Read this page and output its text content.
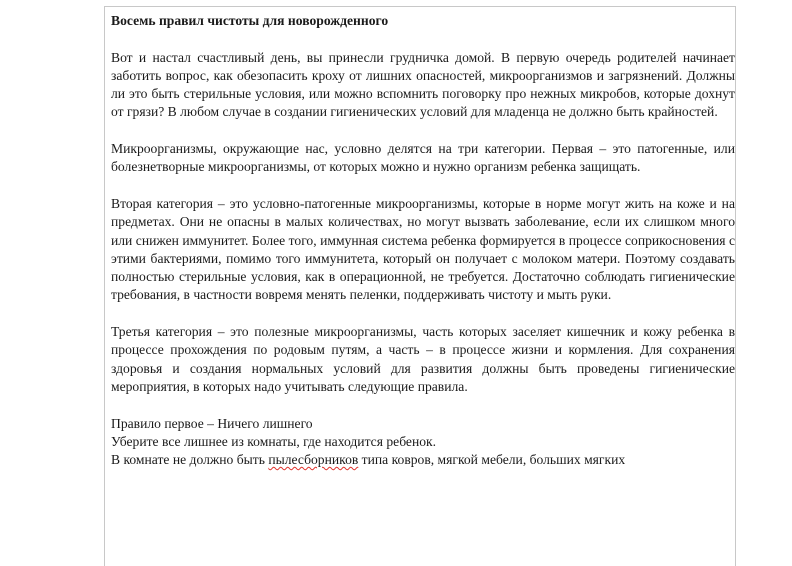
Восемь правил чистоты для новорожденного

Вот и настал счастливый день, вы принесли грудничка домой. В первую очередь родителей начинает заботить вопрос, как обезопасить кроху от лишних опасностей, микроорганизмов и загрязнений. Должны ли это быть стерильные условия, или можно вспомнить поговорку про нежных микробов, которые дохнут от грязи? В любом случае в создании гигиенических условий для младенца не должно быть крайностей.

Микроорганизмы, окружающие нас, условно делятся на три категории. Первая – это патогенные, или болезнетворные микроорганизмы, от которых можно и нужно организм ребенка защищать.

Вторая категория – это условно-патогенные микроорганизмы, которые в норме могут жить на коже и на предметах. Они не опасны в малых количествах, но могут вызвать заболевание, если их слишком много или снижен иммунитет. Более того, иммунная система ребенка формируется в процессе соприкосновения с этими бактериями, помимо того иммунитета, который он получает с молоком матери. Поэтому создавать полностью стерильные условия, как в операционной, не требуется. Достаточно соблюдать гигиенические требования, в частности вовремя менять пеленки, поддерживать чистоту и мыть руки.

Третья категория – это полезные микроорганизмы, часть которых заселяет кишечник и кожу ребенка в процессе прохождения по родовым путям, а часть – в процессе жизни и кормления. Для сохранения здоровья и создания нормальных условий для развития должны быть проведены гигиенические мероприятия, в которых надо учитывать следующие правила.

Правило первое – Ничего лишнего

Уберите все лишнее из комнаты, где находится ребенок.

В комнате не должно быть пылесборников типа ковров, мягкой мебели, больших мягких
